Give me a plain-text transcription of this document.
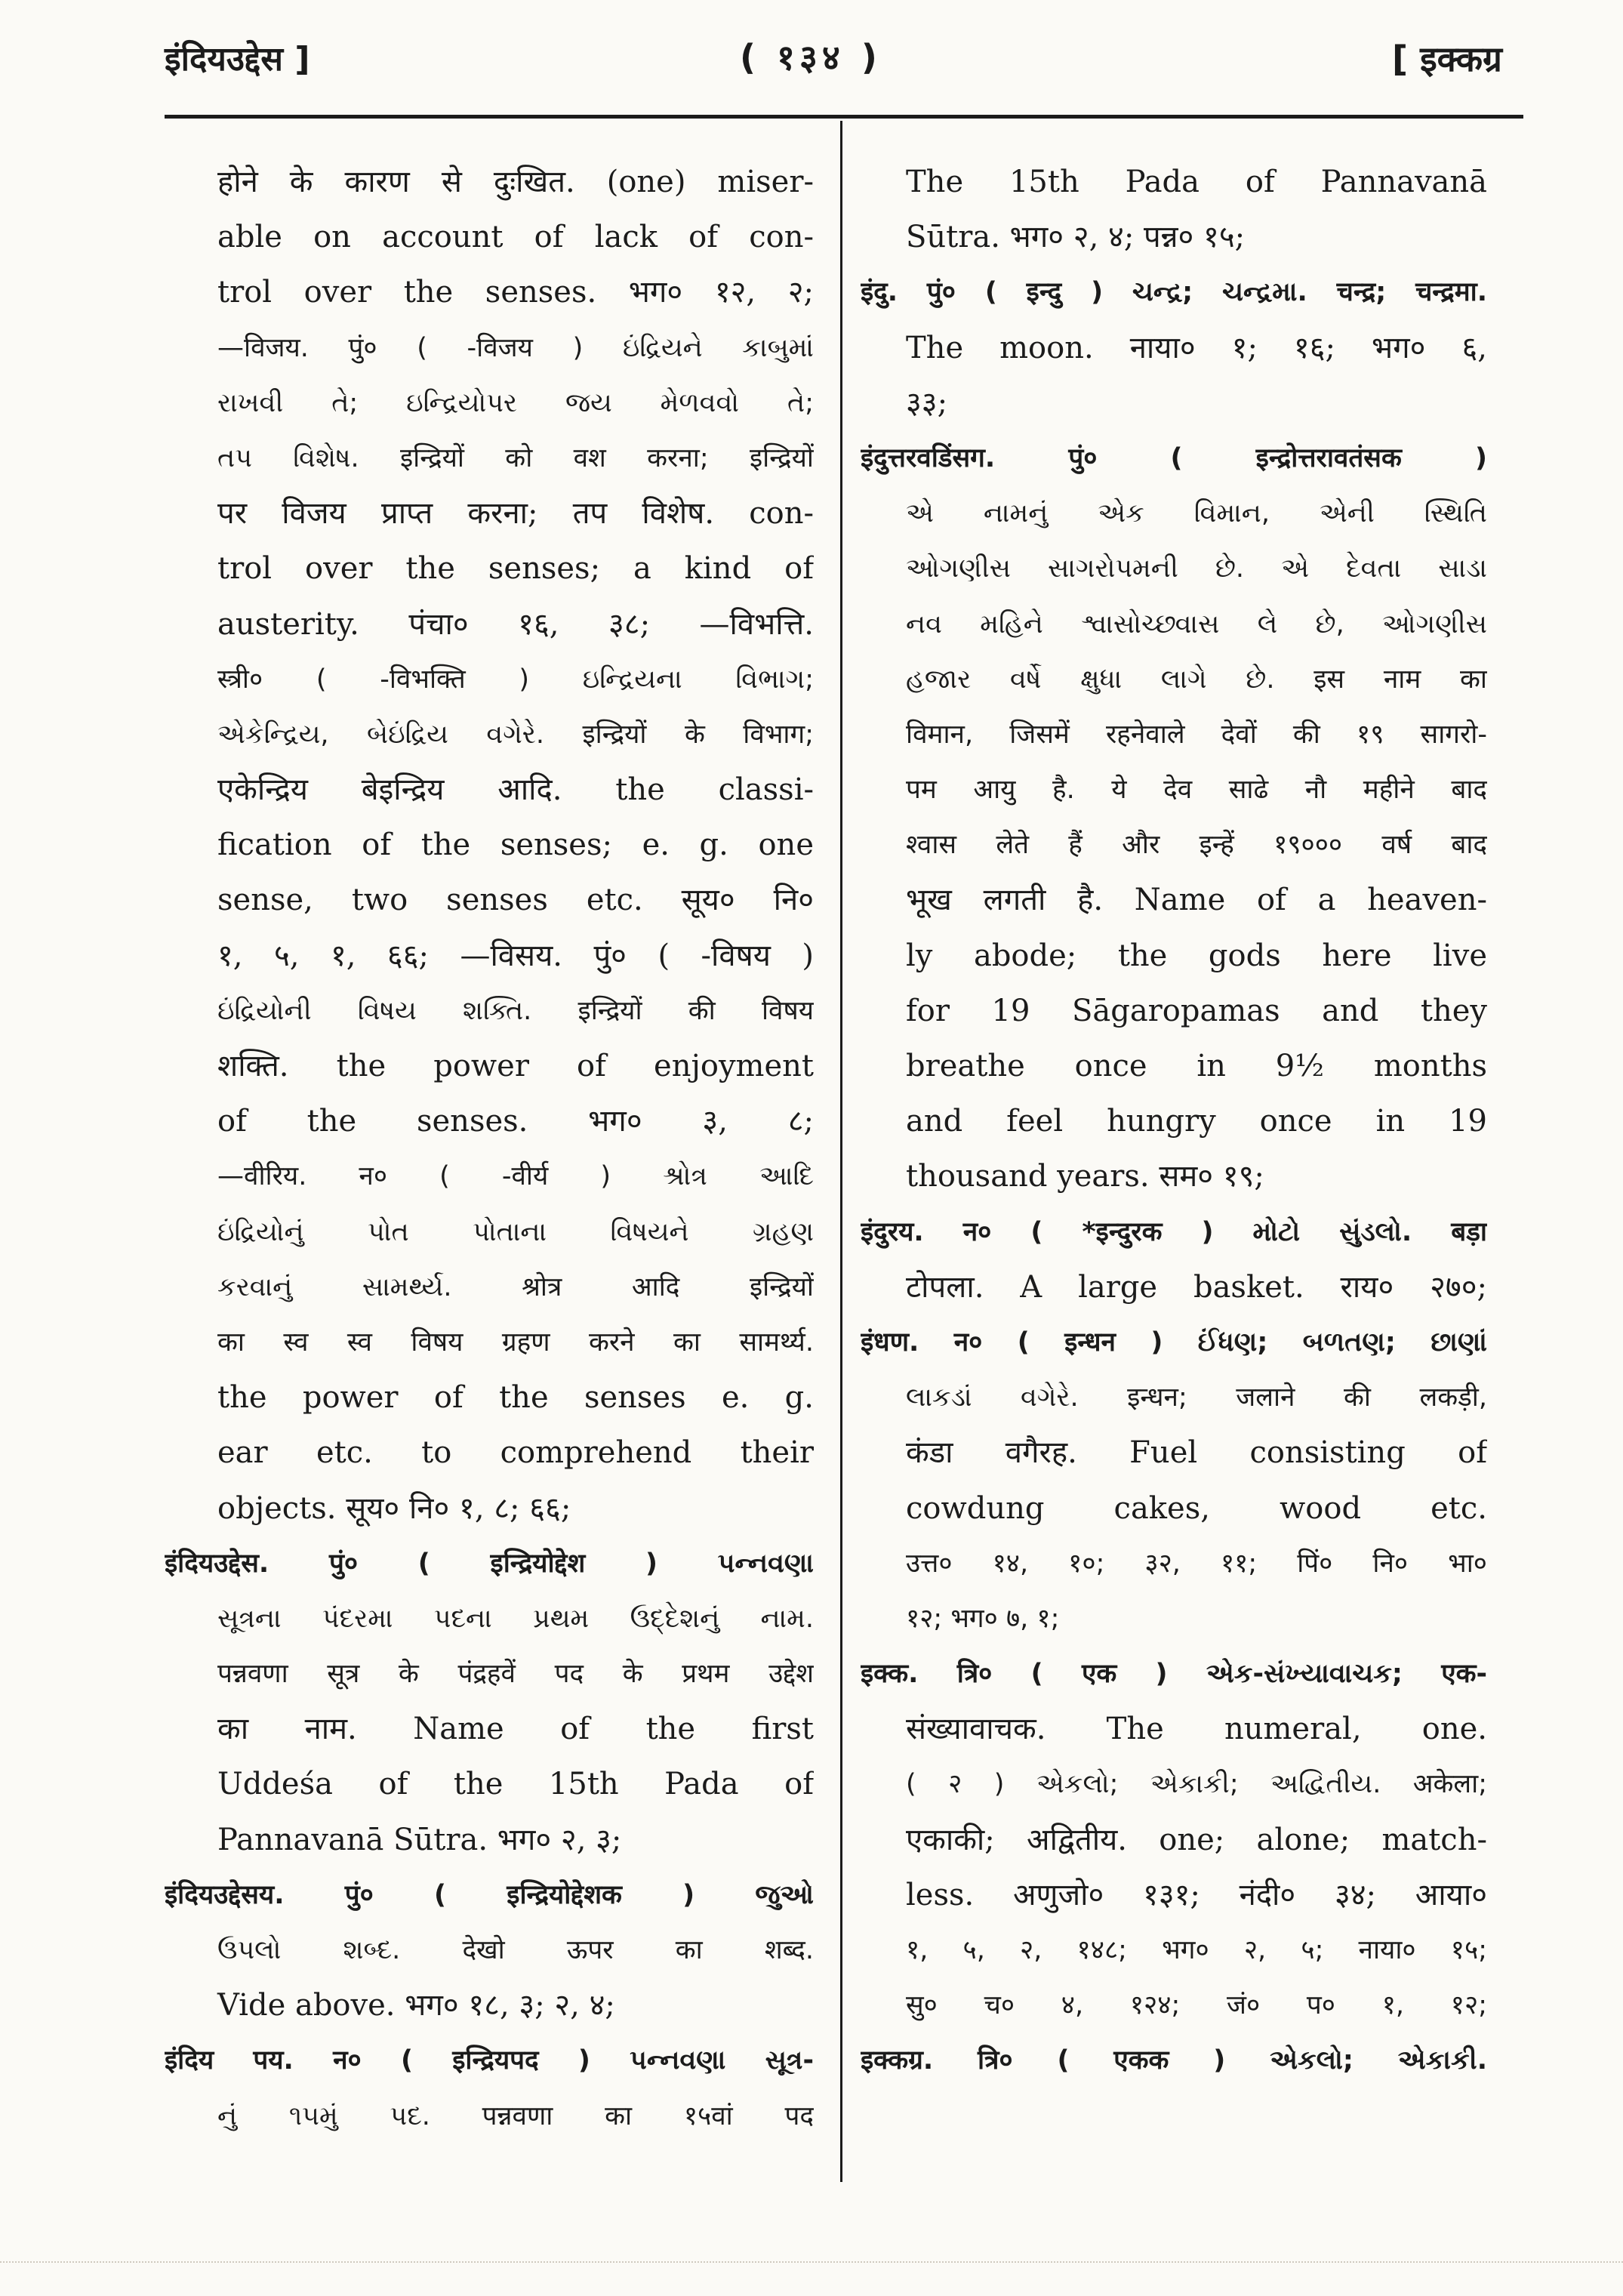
इंदियउद्देस ]	( १३४ )	[ इक्कग्र
होने के कारण से दुःखित. (one) miser-
able on account of lack of con-
trol over the senses. भग० १२, २;
—विजय. पुं० ( -विजय ) ઇંદ્રિયને કાબુમાં
રાખવી તે; ઇન્દ્રિયોપર જય મેળવવો તે;
તપ વિશેષ. इन्द्रियों को वश करना; इन्द्रियों
पर विजय प्राप्त करना; तप विशेष. con-
trol over the senses; a kind of
austerity. पंचा० १६, ३८; —विभत्ति.
स्त्री० ( -विभक्ति ) ઇન્દ્રિયના વિભાગ;
એકેન્દ્રિય, બેઇંદ્રિય વગેરે. इन्द्रियों के विभाग;
एकेन्द्रिय बेइन्द्रिय आदि. the classi-
fication of the senses; e. g. one
sense, two senses etc. सूय० नि०
१, ५, १, ६६; —विसय. पुं० ( -विषय )
ઇંદ્રિયોની વિષય શક્તિ. इन्द्रियों की विषय
शक्ति. the power of enjoyment
of the senses. भग० ३, ८;
—वीरिय. न० ( -वीर्य ) શ્રોત્ર આદિ
ઇંદ્રિયોનું પોત પોતાના વિષયને ગ્રહણ
કરવાનું સામર્થ્ય. श्रोत्र आदि इन्द्रियों
का स्व स्व विषय ग्रहण करने का सामर्थ्य.
the power of the senses e. g.
ear etc. to comprehend their
objects. सूय० नि० १, ८; ६६;
इंदियउद्देस. पुं० ( इन्द्रियोद्देश ) પન્નવણા
સૂત્રના પંદરમા પદના પ્રથમ ઉદ્દેશનું નામ.
पन्नवणा सूत्र के पंद्रहवें पद के प्रथम उद्देश
का नाम. Name of the first
Uddeśa of the 15th Pada of
Pannavanā Sūtra. भग० २, ३;
इंदियउद्देसय. पुं० ( इन्द्रियोद्देशक ) જુઓ
ઉપલો શબ્દ. देखो ऊपर का शब्द.
Vide above. भग० १८, ३; २, ४;
इंदिय पय. न० ( इन्द्रियपद ) પન્નવણા સૂત્ર-
નું ૧૫મું પદ. पन्नवणा का १५वां पद
The 15th Pada of Pannavanā
Sūtra. भग० २, ४; पन्न० १५;
इंदु. पुं० ( इन्दु ) ચન્દ્ર; ચન્દ્રમા. चन्द्र; चन्द्रमा.
The moon. नाया० १; १६; भग० ६,
३३;
इंदुत्तरवडिंसग. पुं० ( इन्द्रोत्तरावतंसक )
એ નામનું એક વિમાન, એની સ્થિતિ
ઓગણીસ સાગરોપમની છે. એ દેવતા સાડા
નવ મહિને શ્વાસોચ્છ્વાસ લે છે, ઓગણીસ
હજાર વર્ષે ક્ષુધા લાગે છે. इस नाम का
विमान, जिसमें रहनेवाले देवों की १९ सागरो-
पम आयु है. ये देव साढे नौ महीने बाद
श्वास लेते हैं और इन्हें १९००० वर्ष बाद
भूख लगती है. Name of a heaven-
ly abode; the gods here live
for 19 Sāgaropamas and they
breathe once in 9½ months
and feel hungry once in 19
thousand years. सम० १९;
इंदुरय. न० ( *इन्दुरक ) મોટો સુંડલો. बड़ा
टोपला. A large basket. राय० २७०;
इंधण. न० ( इन्धन ) ઈંધણ; બળતણ; છાણાં
લાકડાં વગેરે. इन्धन; जलाने की लकड़ी,
कंडा वगैरह. Fuel consisting of
cowdung cakes, wood etc.
उत्त० १४, १०; ३२, ११; पिं० नि० भा०
१२; भग० ७, १;
इक्क. त्रि० ( एक ) એક-સંખ્યાવાચક; एक-
संख्यावाचक. The numeral, one.
( २ ) એકલો; એકાકી; અદ્વિતીય. अकेला;
एकाकी; अद्वितीय. one; alone; match-
less. अणुजो० १३१; नंदी० ३४; आया०
१, ५, २, १४८; भग० २, ५; नाया० १५;
सु० च० ४, १२४; जं० प० १, १२;
इक्कग्र. त्रि० ( एकक ) એકલો; એકાકી.
